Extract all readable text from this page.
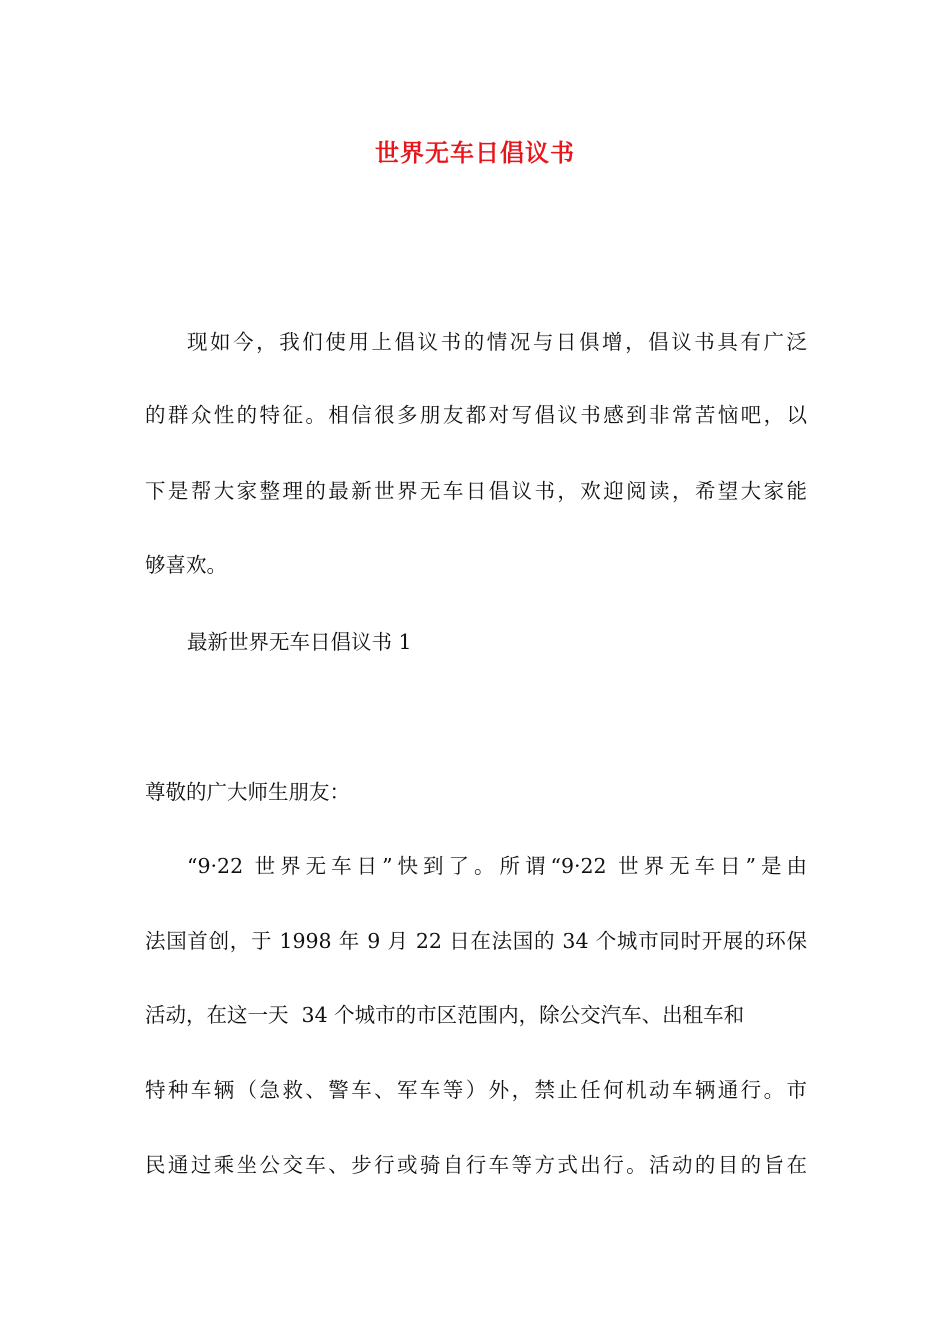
世界无车日倡议书
现如今，我们使用上倡议书的情况与日俱增，倡议书具有广泛
的群众性的特征。相信很多朋友都对写倡议书感到非常苦恼吧，以
下是帮大家整理的最新世界无车日倡议书，欢迎阅读，希望大家能
够喜欢。
最新世界无车日倡议书 1
尊敬的广大师生朋友：
“9·22 世界无车日”快到了。所谓“9·22 世界无车日”是由
法国首创，于 1998 年 9 月 22 日在法国的 34 个城市同时开展的环保
活动，在这一天  34 个城市的市区范围内，除公交汽车、出租车和
特种车辆（急救、警车、军车等）外，禁止任何机动车辆通行。市
民通过乘坐公交车、步行或骑自行车等方式出行。活动的目的旨在
